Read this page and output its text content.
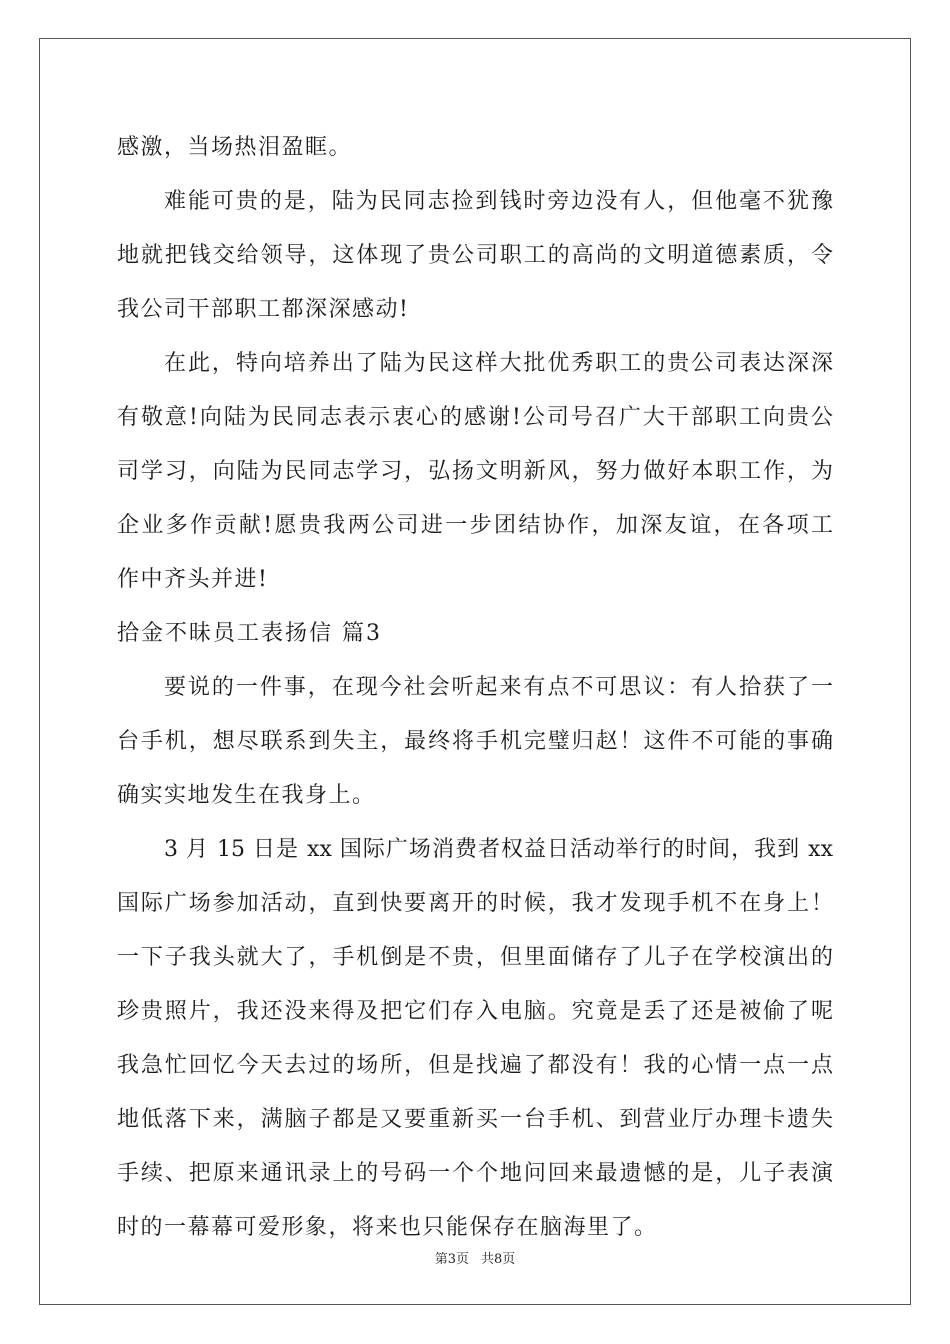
感激，当场热泪盈眶。
难能可贵的是，陆为民同志捡到钱时旁边没有人，但他毫不犹豫
地就把钱交给领导，这体现了贵公司职工的高尚的文明道德素质，令
我公司干部职工都深深感动!
在此，特向培养出了陆为民这样大批优秀职工的贵公司表达深深
有敬意!向陆为民同志表示衷心的感谢!公司号召广大干部职工向贵公
司学习，向陆为民同志学习，弘扬文明新风，努力做好本职工作，为
企业多作贡献!愿贵我两公司进一步团结协作，加深友谊，在各项工
作中齐头并进!
拾金不昧员工表扬信 篇3
要说的一件事，在现今社会听起来有点不可思议：有人拾获了一
台手机，想尽联系到失主，最终将手机完璧归赵！这件不可能的事确
确实实地发生在我身上。
3 月 15 日是 xx 国际广场消费者权益日活动举行的时间，我到 xx
国际广场参加活动，直到快要离开的时候，我才发现手机不在身上！
一下子我头就大了，手机倒是不贵，但里面储存了儿子在学校演出的
珍贵照片，我还没来得及把它们存入电脑。究竟是丢了还是被偷了呢
我急忙回忆今天去过的场所，但是找遍了都没有！我的心情一点一点
地低落下来，满脑子都是又要重新买一台手机、到营业厅办理卡遗失
手续、把原来通讯录上的号码一个个地问回来最遗憾的是，儿子表演
时的一幕幕可爱形象，将来也只能保存在脑海里了。
第3页 共8页
